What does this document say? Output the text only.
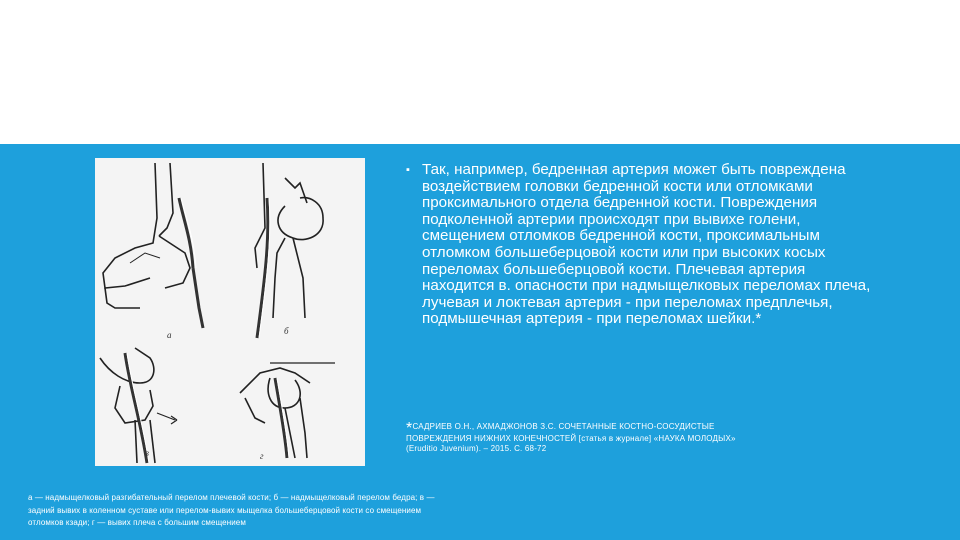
а	б
в	г
▪ Так, например, бедренная артерия может быть повреждена воздействием головки бедренной кости или отломками проксимального отдела бедренной кости. Повреждения подколенной артерии происходят при вывихе голени, смещением отломков бедренной кости, проксимальным отломком большеберцовой кости или при высоких косых переломах большеберцовой кости. Плечевая артерия находится в. опасности при надмыщелковых переломах плеча, лучевая и локтевая артерия - при переломах предплечья, подмышечная артерия - при переломах шейки.*
*САДРИЕВ О.Н., АХМАДЖОНОВ З.С. СОЧЕТАННЫЕ КОСТНО-СОСУДИСТЫЕ
ПОВРЕЖДЕНИЯ НИЖНИХ КОНЕЧНОСТЕЙ [статья в журнале] «НАУКА МОЛОДЫХ»
(Eruditio Juvenium). – 2015. С. 68-72
а — надмыщелковый разгибательный перелом плечевой кости; б — надмыщелковый перелом бедра; в —
задний вывих в коленном суставе или перелом-вывих мыщелка большеберцовой кости со смещением
отломков кзади; г — вывих плеча с большим смещением
